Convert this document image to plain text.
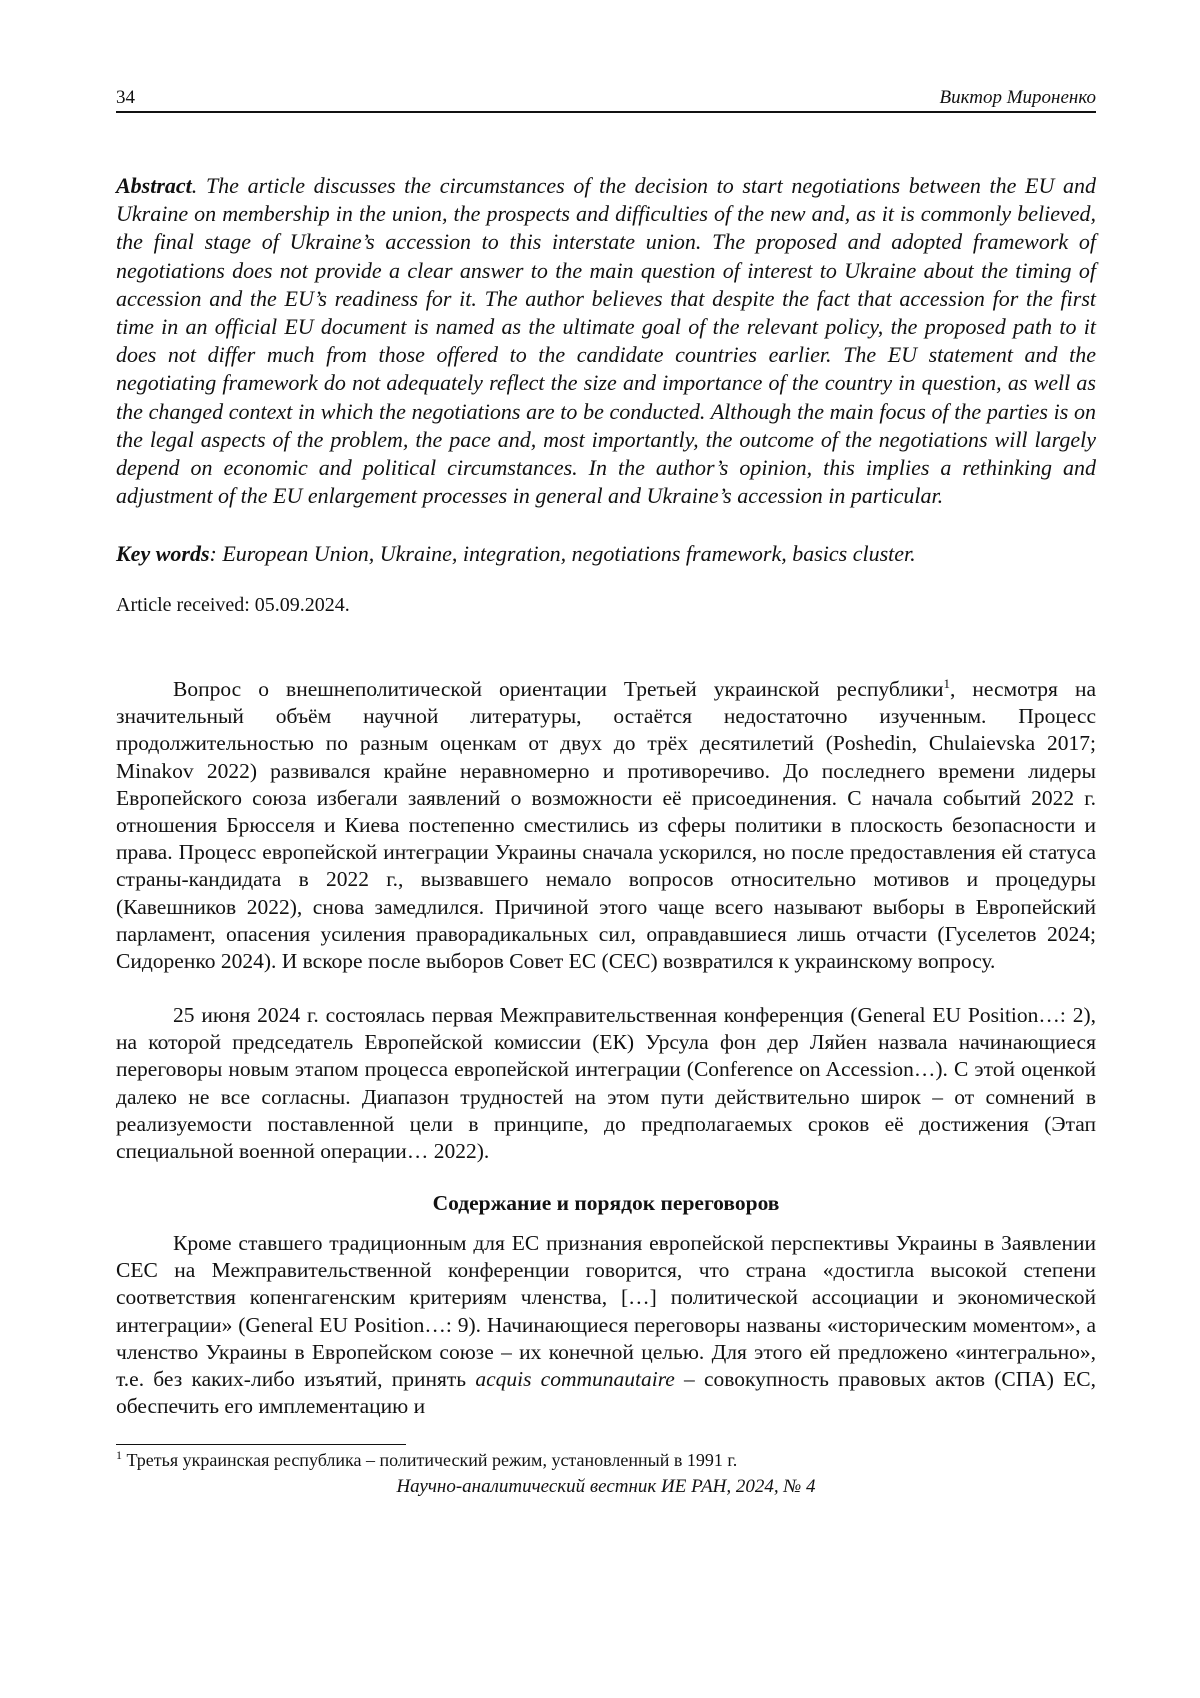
34	Виктор Мироненко

Abstract. The article discusses the circumstances of the decision to start negotiations between the EU and Ukraine on membership in the union, the prospects and difficulties of the new and, as it is commonly believed, the final stage of Ukraine’s accession to this interstate union. The proposed and adopted framework of negotiations does not provide a clear answer to the main question of interest to Ukraine about the timing of accession and the EU’s readiness for it. The author believes that despite the fact that accession for the first time in an official EU document is named as the ultimate goal of the relevant policy, the proposed path to it does not differ much from those offered to the candidate countries earlier. The EU statement and the negotiating framework do not adequately reflect the size and importance of the country in question, as well as the changed context in which the negotiations are to be conducted. Although the main focus of the parties is on the legal aspects of the problem, the pace and, most importantly, the outcome of the negotiations will largely depend on economic and political circumstances. In the author’s opinion, this implies a rethinking and adjustment of the EU enlargement processes in general and Ukraine’s accession in particular.

Key words: European Union, Ukraine, integration, negotiations framework, basics cluster.

Article received: 05.09.2024.

Вопрос о внешнеполитической ориентации Третьей украинской республики$^1$, несмотря на значительный объём научной литературы, остаётся недостаточно изученным. Процесс продолжительностью по разным оценкам от двух до трёх десятилетий (Poshedin, Chulaievska 2017; Minakov 2022) развивался крайне неравномерно и противоречиво. До последнего времени лидеры Европейского союза избегали заявлений о возможности её присоединения. С начала событий 2022 г. отношения Брюсселя и Киева постепенно сместились из сферы политики в плоскость безопасности и права. Процесс европейской интеграции Украины сначала ускорился, но после предоставления ей статуса страны-кандидата в 2022 г., вызвавшего немало вопросов относительно мотивов и процедуры (Кавешников 2022), снова замедлился. Причиной этого чаще всего называют выборы в Европейский парламент, опасения усиления праворадикальных сил, оправдавшиеся лишь отчасти (Гуселетов 2024; Сидоренко 2024). И вскоре после выборов Совет ЕС (СЕС) возвратился к украинскому вопросу.

25 июня 2024 г. состоялась первая Межправительственная конференция (General EU Position…: 2), на которой председатель Европейской комиссии (ЕК) Урсула фон дер Ляйен назвала начинающиеся переговоры новым этапом процесса европейской интеграции (Conference on Accession…). С этой оценкой далеко не все согласны. Диапазон трудностей на этом пути действительно широк – от сомнений в реализуемости поставленной цели в принципе, до предполагаемых сроков её достижения (Этап специальной военной операции… 2022).

Содержание и порядок переговоров

Кроме ставшего традиционным для ЕС признания европейской перспективы Украины в Заявлении СЕС на Межправительственной конференции говорится, что страна «достигла высокой степени соответствия копенгагенским критериям членства, […] политической ассоциации и экономической интеграции» (General EU Position…: 9). Начинающиеся переговоры названы «историческим моментом», а членство Украины в Европейском союзе – их конечной целью. Для этого ей предложено «интегрально», т.е. без каких-либо изъятий, принять acquis communautaire – совокупность правовых актов (СПА) ЕС, обеспечить его имплементацию и

$^1$ Третья украинская республика – политический режим, установленный в 1991 г.

Научно-аналитический вестник ИЕ РАН, 2024, № 4
